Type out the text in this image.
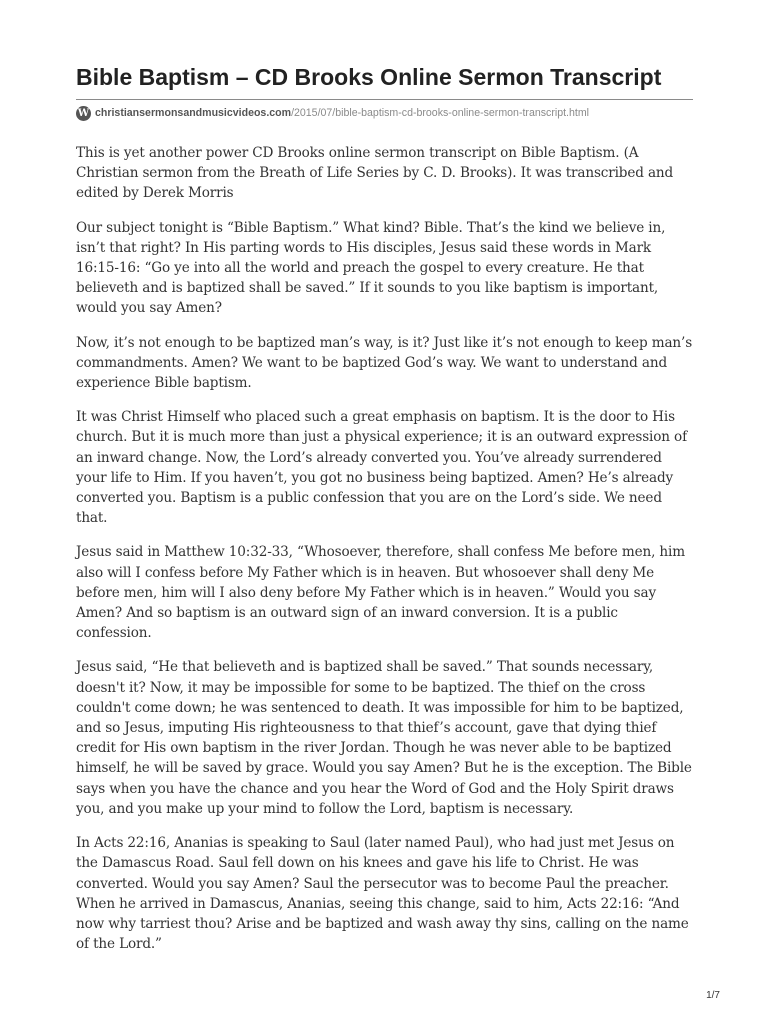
Bible Baptism – CD Brooks Online Sermon Transcript
W christiansermonsandmusicvideos.com /2015/07/bible-baptism-cd-brooks-online-sermon-transcript.html

This is yet another power CD Brooks online sermon transcript on Bible Baptism. (A Christian sermon from the Breath of Life Series by C. D. Brooks). It was transcribed and edited by Derek Morris

Our subject tonight is “Bible Baptism.” What kind? Bible. That’s the kind we believe in, isn’t that right? In His parting words to His disciples, Jesus said these words in Mark 16:15-16: “Go ye into all the world and preach the gospel to every creature. He that believeth and is baptized shall be saved.” If it sounds to you like baptism is important, would you say Amen?

Now, it’s not enough to be baptized man’s way, is it? Just like it’s not enough to keep man’s commandments. Amen? We want to be baptized God’s way. We want to understand and experience Bible baptism.

It was Christ Himself who placed such a great emphasis on baptism. It is the door to His church. But it is much more than just a physical experience; it is an outward expression of an inward change. Now, the Lord’s already converted you. You’ve already surrendered your life to Him. If you haven’t, you got no business being baptized. Amen? He’s already converted you. Baptism is a public confession that you are on the Lord’s side. We need that.

Jesus said in Matthew 10:32-33, “Whosoever, therefore, shall confess Me before men, him also will I confess before My Father which is in heaven. But whosoever shall deny Me before men, him will I also deny before My Father which is in heaven.” Would you say Amen? And so baptism is an outward sign of an inward conversion. It is a public confession.

Jesus said, “He that believeth and is baptized shall be saved.” That sounds necessary, doesn't it? Now, it may be impossible for some to be baptized. The thief on the cross couldn't come down; he was sentenced to death. It was impossible for him to be baptized, and so Jesus, imputing His righteousness to that thief’s account, gave that dying thief credit for His own baptism in the river Jordan. Though he was never able to be baptized himself, he will be saved by grace. Would you say Amen? But he is the exception. The Bible says when you have the chance and you hear the Word of God and the Holy Spirit draws you, and you make up your mind to follow the Lord, baptism is necessary.

In Acts 22:16, Ananias is speaking to Saul (later named Paul), who had just met Jesus on the Damascus Road. Saul fell down on his knees and gave his life to Christ. He was converted. Would you say Amen? Saul the persecutor was to become Paul the preacher. When he arrived in Damascus, Ananias, seeing this change, said to him, Acts 22:16: “And now why tarriest thou? Arise and be baptized and wash away thy sins, calling on the name of the Lord.”

1/7
